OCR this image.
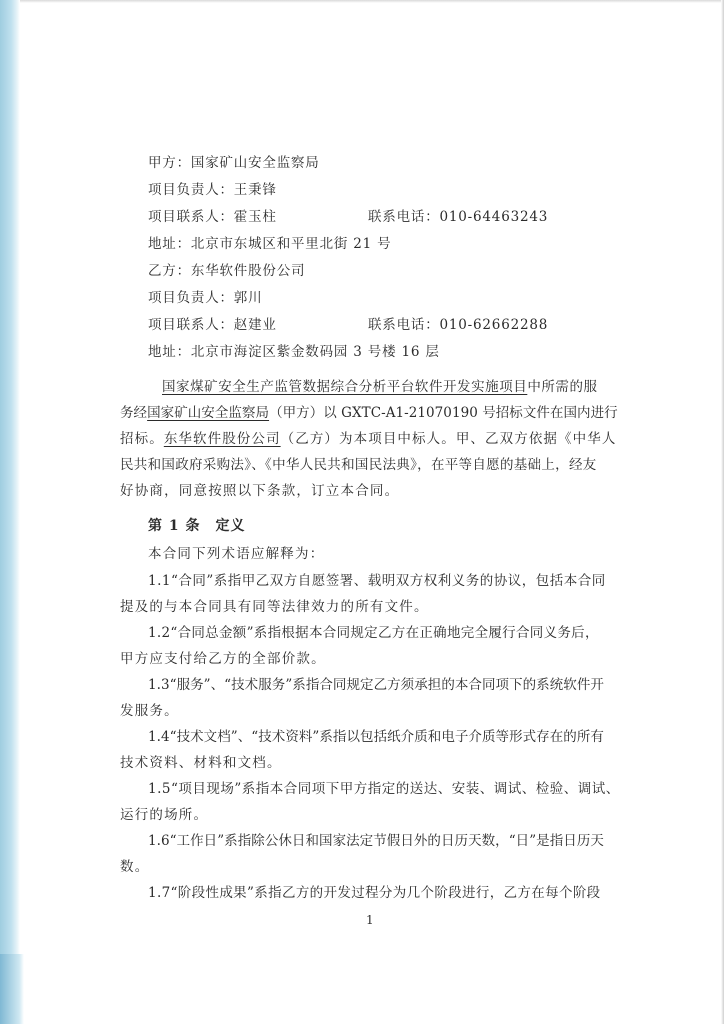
甲方：国家矿山安全监察局
项目负责人：王秉锋
项目联系人：霍玉柱	联系电话：010-64463243
地址：北京市东城区和平里北街 21 号
乙方：东华软件股份公司
项目负责人：郭川
项目联系人：赵建业	联系电话：010-62662288
地址：北京市海淀区紫金数码园 3 号楼 16 层
国家煤矿安全生产监管数据综合分析平台软件开发实施项目中所需的服
务经国家矿山安全监察局（甲方）以 GXTC-A1-21070190 号招标文件在国内进行
招标。东华软件股份公司（乙方）为本项目中标人。甲、乙双方依据《中华人
民共和国政府采购法》、《中华人民共和国民法典》，在平等自愿的基础上，经友
好协商，同意按照以下条款，订立本合同。
第 1 条　定义
本合同下列术语应解释为：
1.1“合同”系指甲乙双方自愿签署、载明双方权利义务的协议，包括本合同
提及的与本合同具有同等法律效力的所有文件。
1.2“合同总金额”系指根据本合同规定乙方在正确地完全履行合同义务后，
甲方应支付给乙方的全部价款。
1.3“服务”、“技术服务”系指合同规定乙方须承担的本合同项下的系统软件开
发服务。
1.4“技术文档”、“技术资料”系指以包括纸介质和电子介质等形式存在的所有
技术资料、材料和文档。
1.5“项目现场”系指本合同项下甲方指定的送达、安装、调试、检验、调试、
运行的场所。
1.6“工作日”系指除公休日和国家法定节假日外的日历天数，“日”是指日历天
数。
1.7“阶段性成果”系指乙方的开发过程分为几个阶段进行，乙方在每个阶段
1
